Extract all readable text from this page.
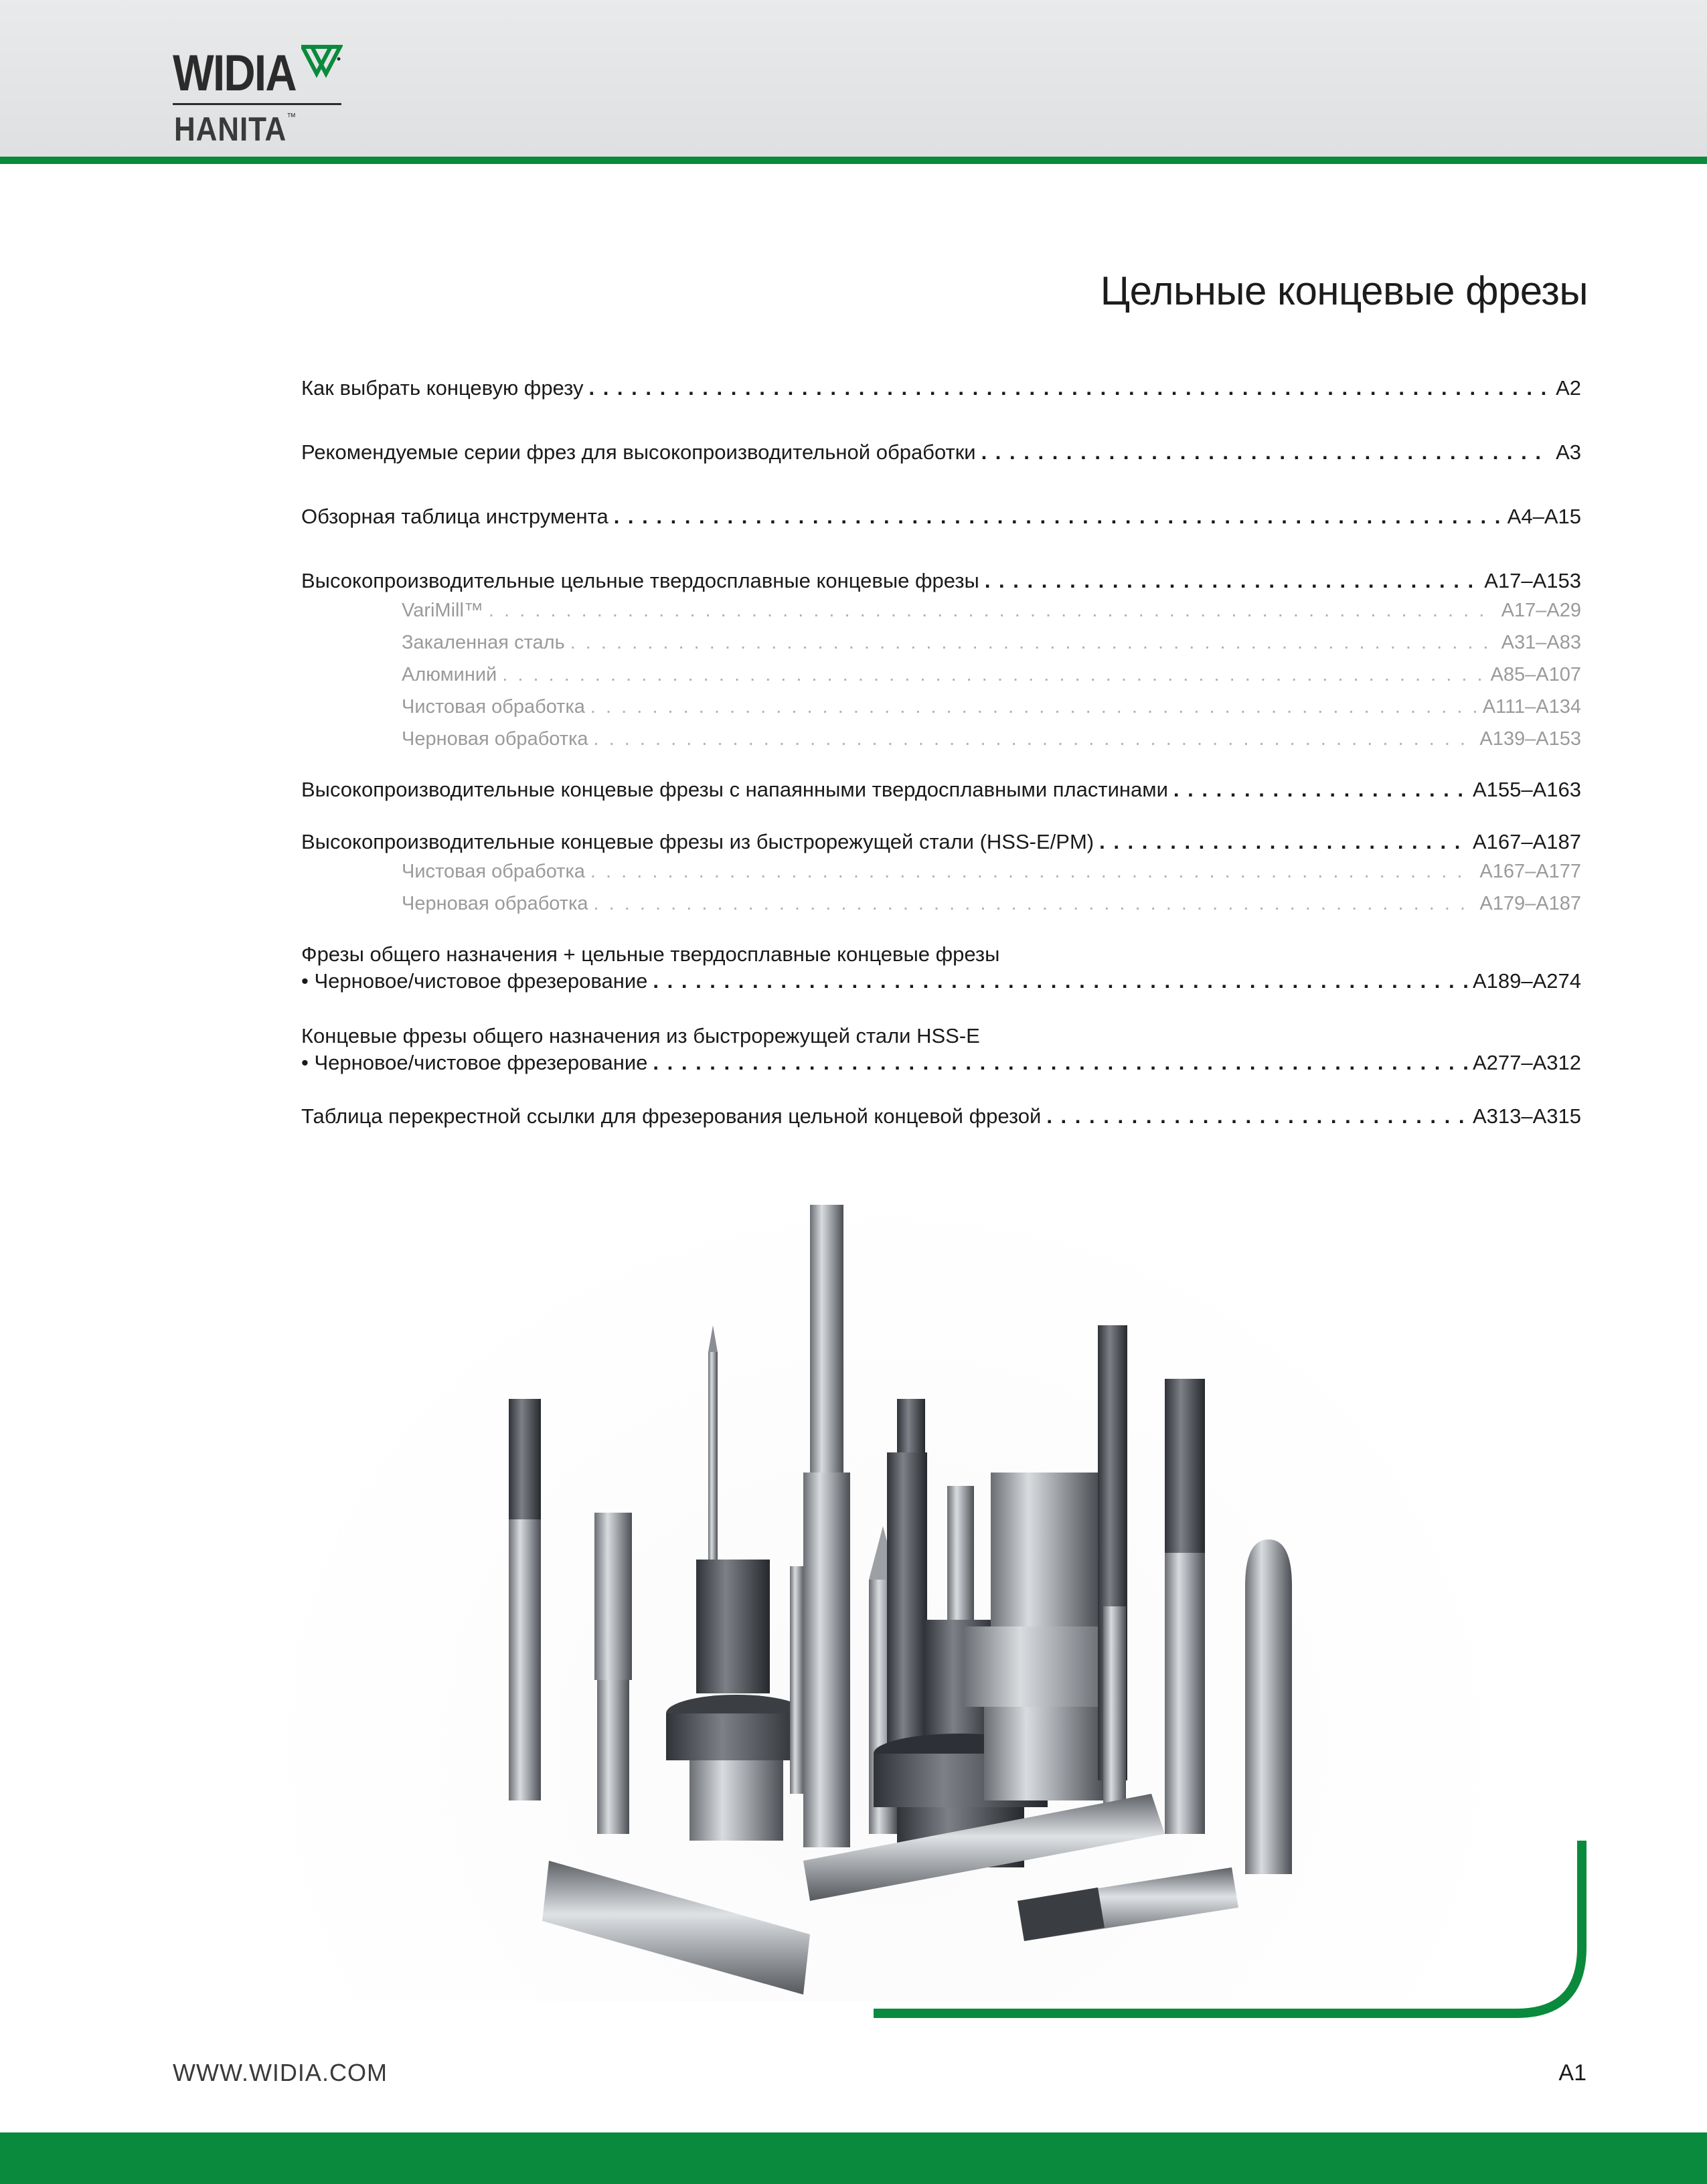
WIDIA
HANITA™
Цельные концевые фрезы
Как выбрать концевую фрезу . . .	A2
Рекомендуемые серии фрез для высокопроизводительной обработки . . .	A3
Обзорная таблица инструмента . . .	A4–A15
Высокопроизводительные цельные твердосплавные концевые фрезы . . .	A17–A153
VariMill™ . . .	A17–A29
Закаленная сталь . . .	A31–A83
Алюминий . . .	A85–A107
Чистовая обработка . . .	A111–A134
Черновая обработка . . .	A139–A153
Высокопроизводительные концевые фрезы с напаянными твердосплавными пластинами . . .	A155–A163
Высокопроизводительные концевые фрезы из быстрорежущей стали (HSS-E/PM) . . .	A167–A187
Чистовая обработка . . .	A167–A177
Черновая обработка . . .	A179–A187
Фрезы общего назначения + цельные твердосплавные концевые фрезы
• Черновое/чистовое фрезерование . . .	A189–A274
Концевые фрезы общего назначения из быстрорежущей стали HSS-E
• Черновое/чистовое фрезерование . . .	A277–A312
Таблица перекрестной ссылки для фрезерования цельной концевой фрезой . . .	A313–A315
WWW.WIDIA.COM	A1
